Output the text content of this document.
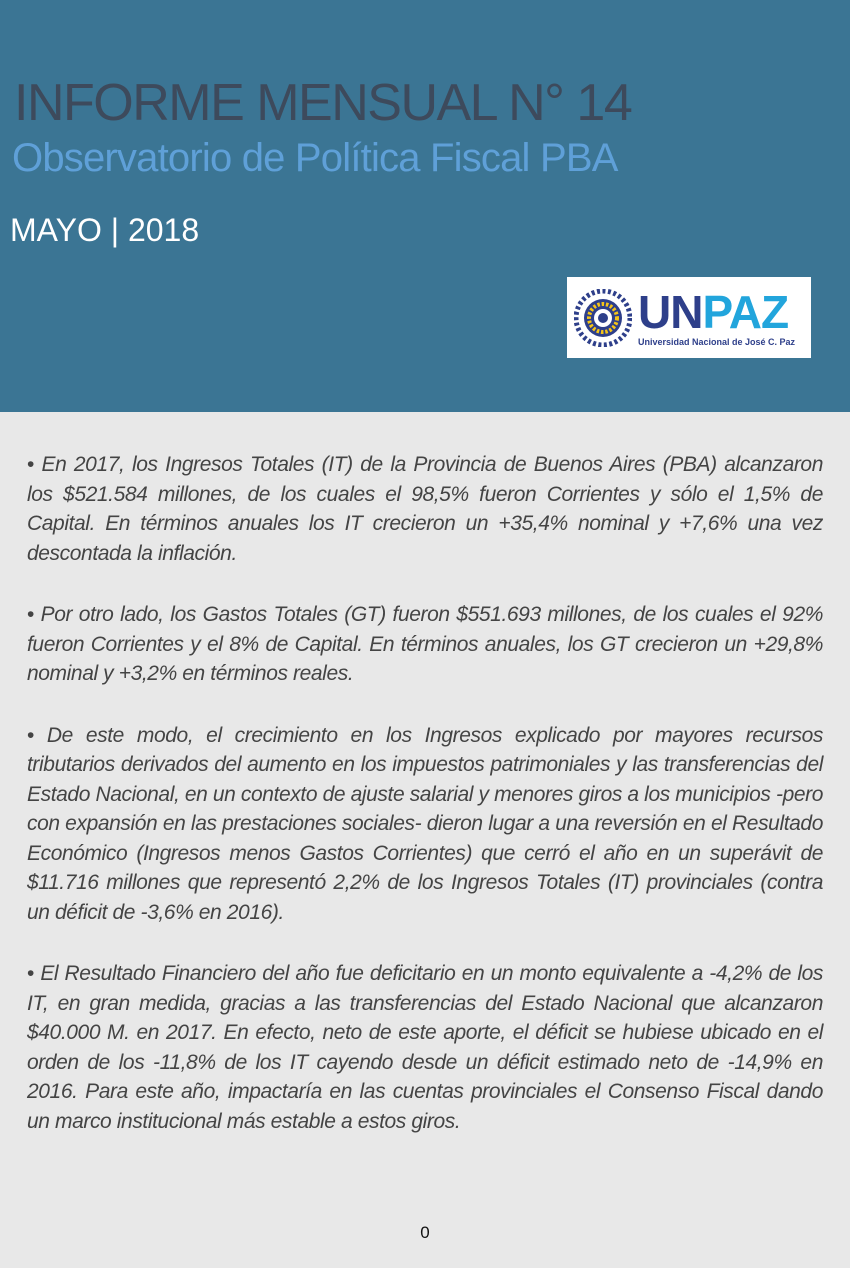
INFORME MENSUAL N° 14
Observatorio de Política Fiscal PBA
MAYO | 2018
UNPAZ
Universidad Nacional de José C. Paz

• En 2017, los Ingresos Totales (IT) de la Provincia de Buenos Aires (PBA) alcanzaron los $521.584 millones, de los cuales el 98,5% fueron Corrientes y sólo el 1,5% de Capital. En términos anuales los IT crecieron un +35,4% nominal y +7,6% una vez descontada la inflación.

• Por otro lado, los Gastos Totales (GT) fueron $551.693 millones, de los cuales el 92% fueron Corrientes y el 8% de Capital. En términos anuales, los GT crecieron un +29,8% nominal y +3,2% en términos reales.

• De este modo, el crecimiento en los Ingresos explicado por mayores recursos tributarios derivados del aumento en los impuestos patrimoniales y las transferencias del Estado Nacional, en un contexto de ajuste salarial y menores giros a los municipios -pero con expansión en las prestaciones sociales- dieron lugar a una reversión en el Resultado Económico (Ingresos menos Gastos Corrientes) que cerró el año en un superávit de $11.716 millones que representó 2,2% de los Ingresos Totales (IT) provinciales (contra un déficit de -3,6% en 2016).

• El Resultado Financiero del año fue deficitario en un monto equivalente a -4,2% de los IT, en gran medida, gracias a las transferencias del Estado Nacional que alcanzaron $40.000 M. en 2017. En efecto, neto de este aporte, el déficit se hubiese ubicado en el orden de los -11,8% de los IT cayendo desde un déficit estimado neto de -14,9% en 2016. Para este año, impactaría en las cuentas provinciales el Consenso Fiscal dando un marco institucional más estable a estos giros.

0
